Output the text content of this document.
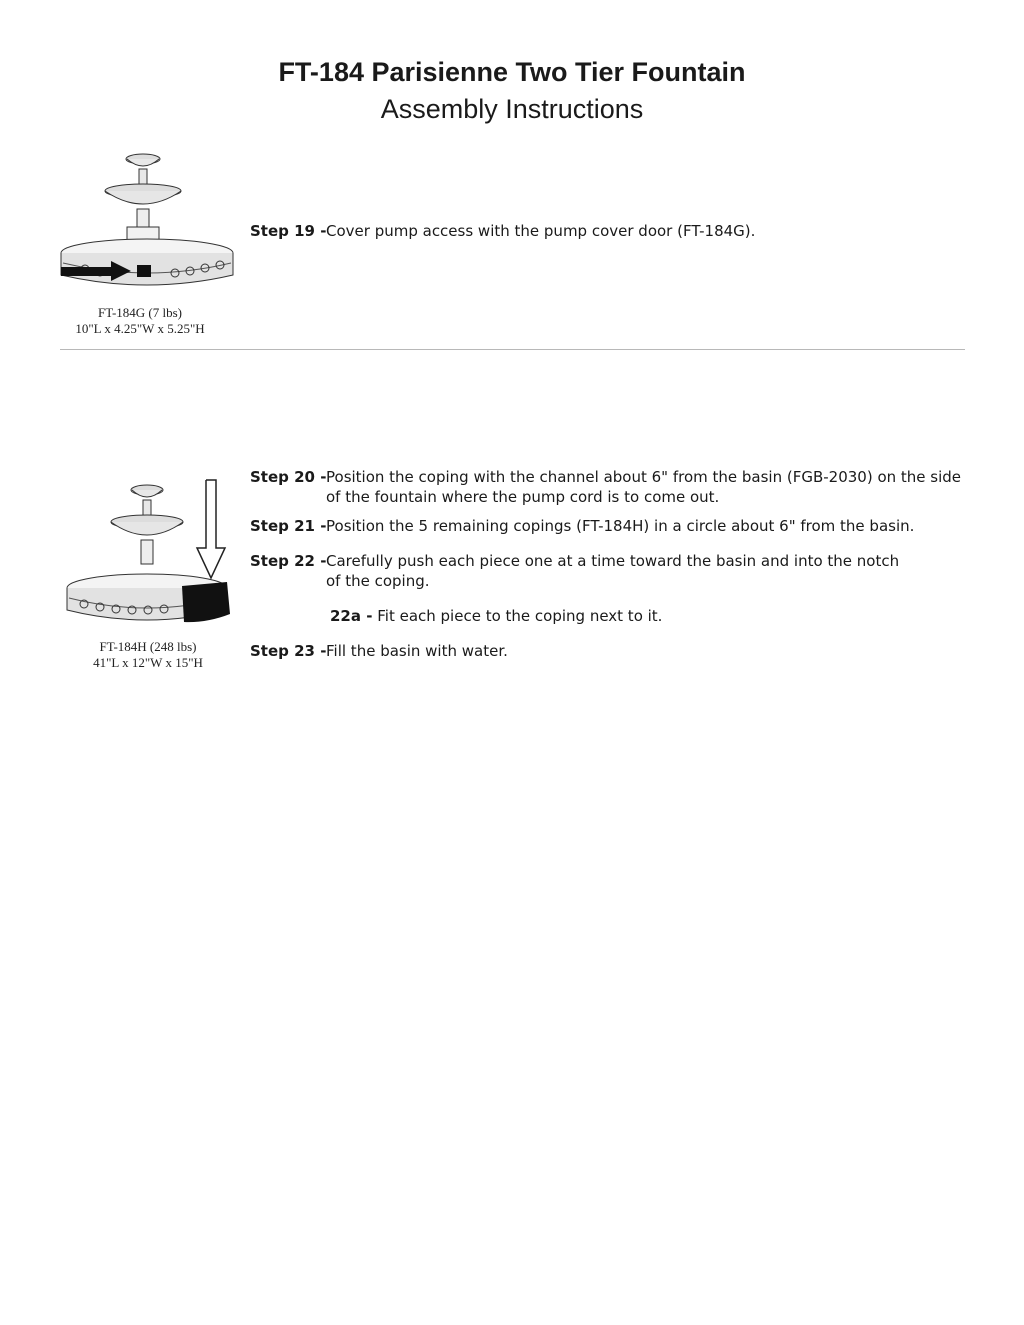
FT-184 Parisienne Two Tier Fountain
Assembly Instructions
FT-184G (7 lbs)
10"L x 4.25"W x 5.25"H
Step 19 - Cover pump access with the pump cover door (FT-184G).
FT-184H (248 lbs)
41"L x 12"W x 15"H
Step 20 - Position the coping with the channel about 6" from the basin (FGB-2030) on the side of the fountain where the pump cord is to come out.
Step 21 - Position the 5 remaining copings (FT-184H) in a circle about 6" from the basin.
Step 22 - Carefully push each piece one at a time toward the basin and into the notch of the coping.
22a - Fit each piece to the coping next to it.
Step 23 - Fill the basin with water.
